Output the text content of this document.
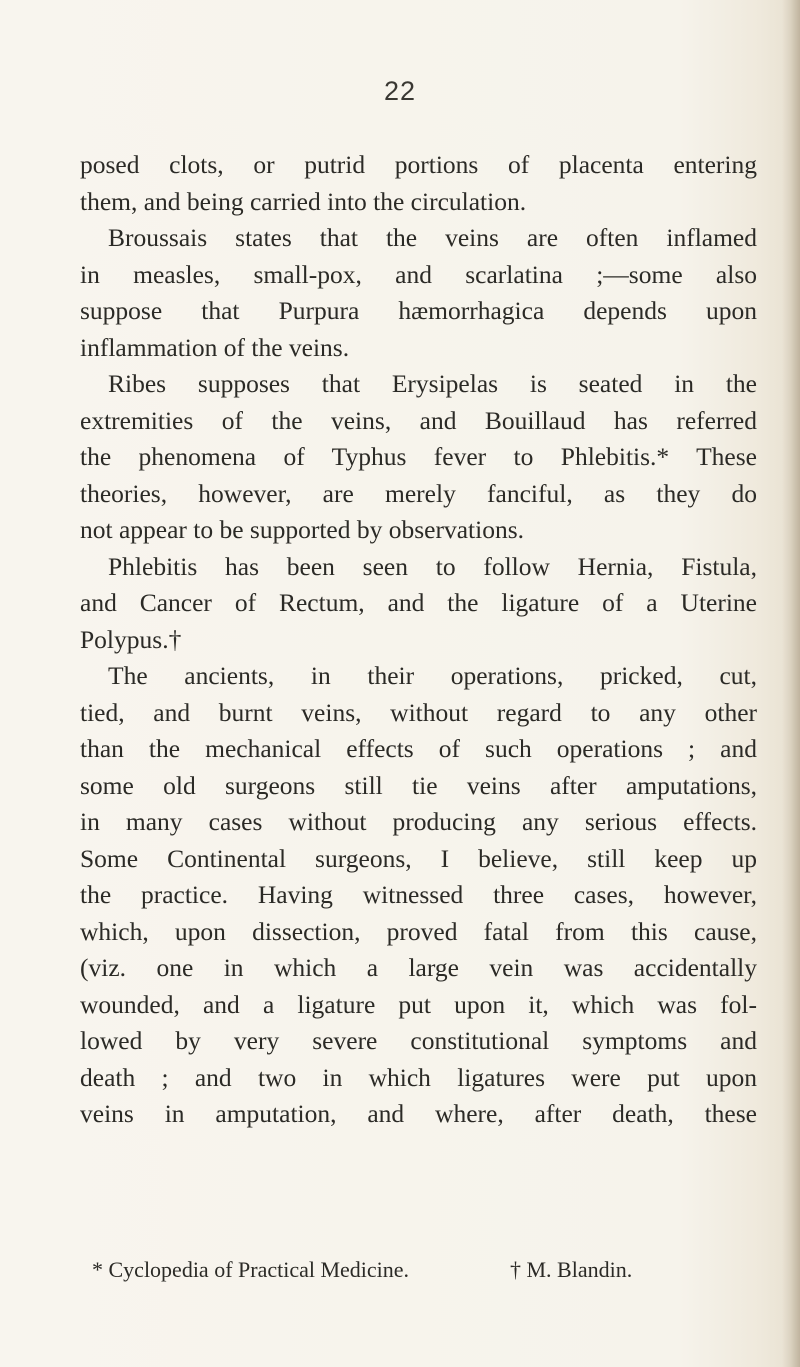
22
posed clots, or putrid portions of placenta entering
them, and being carried into the circulation.
Broussais states that the veins are often inflamed
in measles, small-pox, and scarlatina ;—some also
suppose that Purpura hæmorrhagica depends upon
inflammation of the veins.
Ribes supposes that Erysipelas is seated in the
extremities of the veins, and Bouillaud has referred
the phenomena of Typhus fever to Phlebitis.* These
theories, however, are merely fanciful, as they do
not appear to be supported by observations.
Phlebitis has been seen to follow Hernia, Fistula,
and Cancer of Rectum, and the ligature of a Uterine
Polypus.†
The ancients, in their operations, pricked, cut,
tied, and burnt veins, without regard to any other
than the mechanical effects of such operations ; and
some old surgeons still tie veins after amputations,
in many cases without producing any serious effects.
Some Continental surgeons, I believe, still keep up
the practice. Having witnessed three cases, however,
which, upon dissection, proved fatal from this cause,
(viz. one in which a large vein was accidentally
wounded, and a ligature put upon it, which was fol-
lowed by very severe constitutional symptoms and
death ; and two in which ligatures were put upon
veins in amputation, and where, after death, these
* Cyclopedia of Practical Medicine.	† M. Blandin.
